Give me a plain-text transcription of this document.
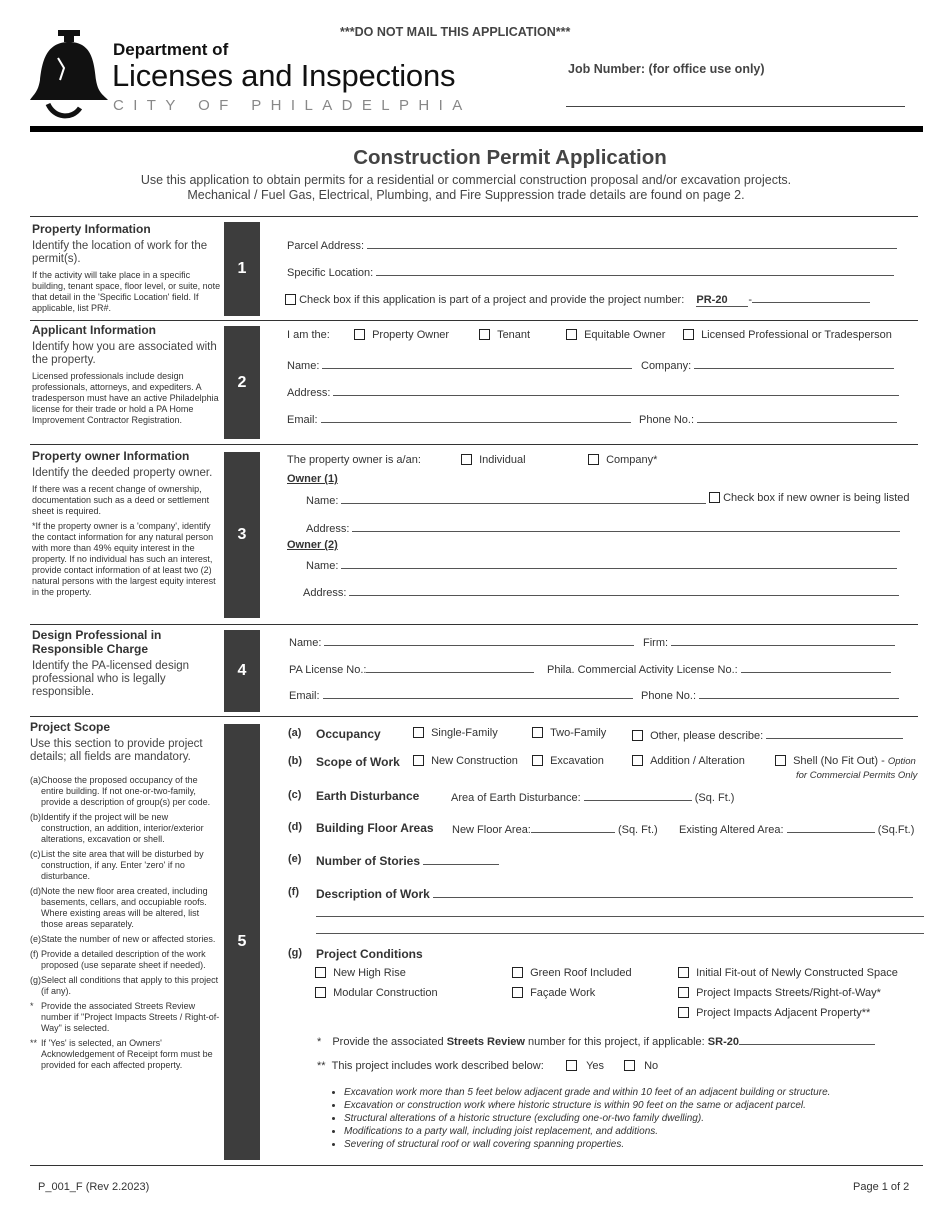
Department of
Licenses and Inspections
CITY OF PHILADELPHIA
***DO NOT MAIL THIS APPLICATION***
Job Number: (for office use only)
Construction Permit Application
Use this application to obtain permits for a residential or commercial construction proposal and/or excavation projects.
Mechanical / Fuel Gas, Electrical, Plumbing, and Fire Suppression trade details are found on page 2.
Property Information
Identify the location of work for the permit(s).
If the activity will take place in a specific building, tenant space, floor level, or suite, note that detail in the 'Specific Location' field. If applicable, list PR#.
1
Parcel Address:
Specific Location:
Check box if this application is part of a project and provide the project number: PR-20 -
Applicant Information
Identify how you are associated with the property.
Licensed professionals include design professionals, attorneys, and expediters. A tradesperson must have an active Philadelphia license for their trade or hold a PA Home Improvement Contractor Registration.
2
I am the:	Property Owner	Tenant	Equitable Owner	Licensed Professional or Tradesperson
Name:	Company:
Address:
Email:	Phone No.:
Property owner Information
Identify the deeded property owner.
If there was a recent change of ownership, documentation such as a deed or settlement sheet is required.
*If the property owner is a 'company', identify the contact information for any natural person with more than 49% equity interest in the property. If no individual has such an interest, provide contact information of at least two (2) natural persons with the largest equity interest in the property.
3
The property owner is a/an:	Individual	Company*
Owner (1)
Name:	Check box if new owner is being listed
Address:
Owner (2)
Name:
Address:
Design Professional in Responsible Charge
Identify the PA-licensed design professional who is legally responsible.
4
Name:	Firm:
PA License No.:	Phila. Commercial Activity License No.:
Email:	Phone No.:
Project Scope
Use this section to provide project details; all fields are mandatory.
(a) Choose the proposed occupancy of the entire building. If not one-or-two-family, provide a description of group(s) per code.
(b) Identify if the project will be new construction, an addition, interior/exterior alterations, excavation or shell.
(c) List the site area that will be disturbed by construction, if any. Enter 'zero' if no disturbance.
(d) Note the new floor area created, including basements, cellars, and occupiable roofs. Where existing areas will be altered, list those areas separately.
(e) State the number of new or affected stories.
(f) Provide a detailed description of the work proposed (use separate sheet if needed).
(g) Select all conditions that apply to this project (if any).
* Provide the associated Streets Review number if "Project Impacts Streets / Right-of-Way" is selected.
** If 'Yes' is selected, an Owners' Acknowledgement of Receipt form must be provided for each affected property.
5
(a) Occupancy	Single-Family	Two-Family	Other, please describe:
(b) Scope of Work	New Construction	Excavation	Addition / Alteration	Shell (No Fit Out) - Option
for Commercial Permits Only
(c) Earth Disturbance	Area of Earth Disturbance:	(Sq. Ft.)
(d) Building Floor Areas New Floor Area:	(Sq. Ft.) Existing Altered Area:	(Sq.Ft.)
(e) Number of Stories
(f) Description of Work
(g) Project Conditions
New High Rise	Green Roof Included	Initial Fit-out of Newly Constructed Space
Modular Construction	Façade Work	Project Impacts Streets/Right-of-Way*
Project Impacts Adjacent Property**
* Provide the associated Streets Review number for this project, if applicable: SR-20
** This project includes work described below:	Yes	No
• Excavation work more than 5 feet below adjacent grade and within 10 feet of an adjacent building or structure.
• Excavation or construction work where historic structure is within 90 feet on the same or adjacent parcel.
• Structural alterations of a historic structure (excluding one-or-two family dwelling).
• Modifications to a party wall, including joist replacement, and additions.
• Severing of structural roof or wall covering spanning properties.
P_001_F (Rev 2.2023)	Page 1 of 2
